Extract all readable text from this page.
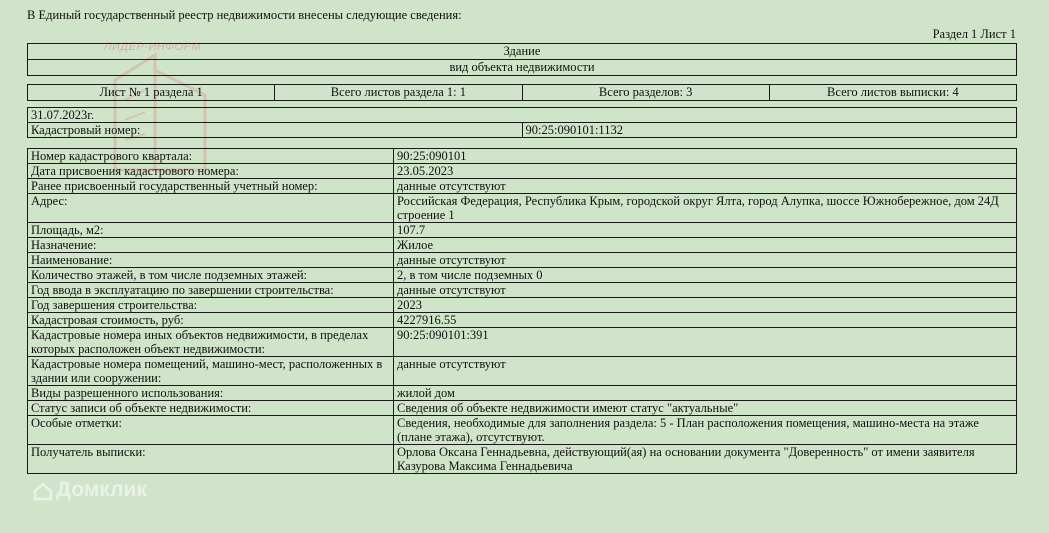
В Единый государственный реестр недвижимости внесены следующие сведения:
Раздел 1 Лист 1
ЛИДЕР-ИНФОРМ	Здание
вид объекта недвижимости
Лист № 1 раздела 1	Всего листов раздела 1: 1	Всего разделов: 3	Всего листов выписки: 4
31.07.2023г.
Кадастровый номер:	90:25:090101:1132
Номер кадастрового квартала:	90:25:090101
Дата присвоения кадастрового номера:	23.05.2023
Ранее присвоенный государственный учетный номер:	данные отсутствуют
Адрес:	Российская Федерация, Республика Крым, городской округ Ялта, город Алупка, шоссе Южнобережное, дом 24Д строение 1
Площадь, м2:	107.7
Назначение:	Жилое
Наименование:	данные отсутствуют
Количество этажей, в том числе подземных этажей:	2, в том числе подземных 0
Год ввода в эксплуатацию по завершении строительства:	данные отсутствуют
Год завершения строительства:	2023
Кадастровая стоимость, руб:	4227916.55
Кадастровые номера иных объектов недвижимости, в пределах которых расположен объект недвижимости:	90:25:090101:391
Кадастровые номера помещений, машино-мест, расположенных в здании или сооружении:	данные отсутствуют
Виды разрешенного использования:	жилой дом
Статус записи об объекте недвижимости:	Сведения об объекте недвижимости имеют статус "актуальные"
Особые отметки:	Сведения, необходимые для заполнения раздела: 5 - План расположения помещения, машино-места на этаже (плане этажа), отсутствуют.
Получатель выписки:	Орлова Оксана Геннадьевна, действующий(ая) на основании документа "Доверенность" от имени заявителя Казурова Максима Геннадьевича
Домклик
